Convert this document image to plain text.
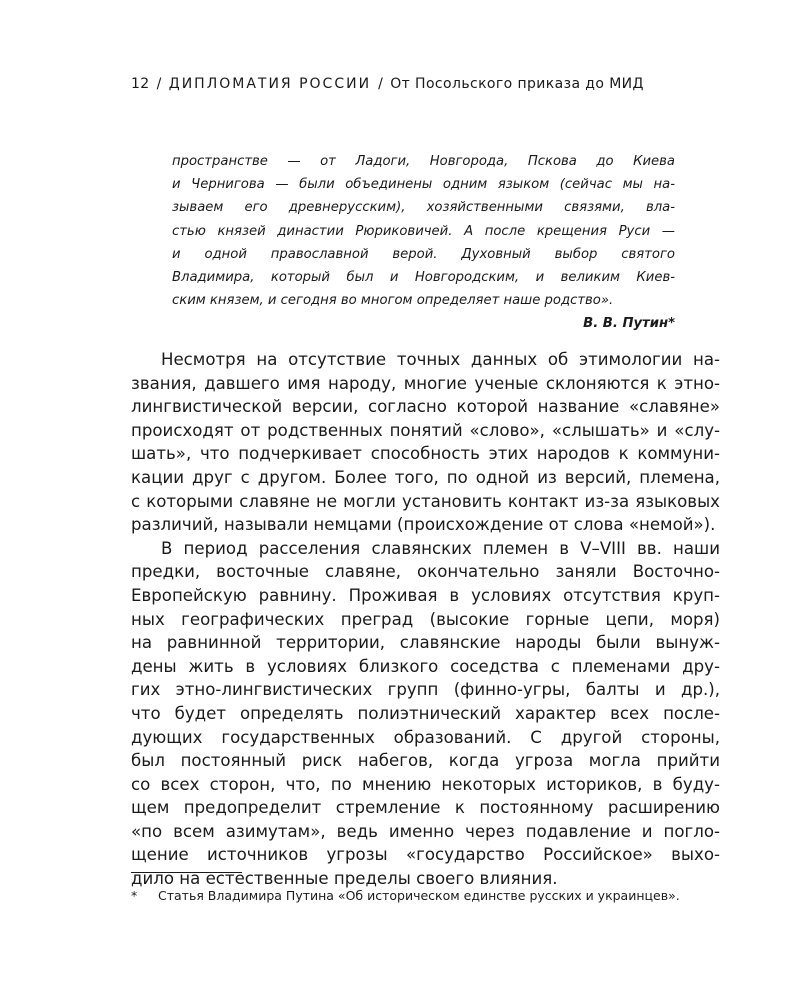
12 / ДИПЛОМАТИЯ РОССИИ / От Посольского приказа до МИД
пространстве — от Ладоги, Новгорода, Пскова до Киева
и Чернигова — были объединены одним языком (сейчас мы на-
зываем его древнерусским), хозяйственными связями, вла-
стью князей династии Рюриковичей. А после крещения Руси —
и одной православной верой. Духовный выбор святого
Владимира, который был и Новгородским, и великим Киев-
ским князем, и сегодня во многом определяет наше родство».
В. В. Путин*
Несмотря на отсутствие точных данных об этимологии на-
звания, давшего имя народу, многие ученые склоняются к этно-
лингвистической версии, согласно которой название «славяне»
происходят от родственных понятий «слово», «слышать» и «слу-
шать», что подчеркивает способность этих народов к коммуни-
кации друг с другом. Более того, по одной из версий, племена,
с которыми славяне не могли установить контакт из-за языковых
различий, называли немцами (происхождение от слова «немой»).
В период расселения славянских племен в V–VIII вв. наши
предки, восточные славяне, окончательно заняли Восточно-
Европейскую равнину. Проживая в условиях отсутствия круп-
ных географических преград (высокие горные цепи, моря)
на равнинной территории, славянские народы были вынуж-
дены жить в условиях близкого соседства с племенами дру-
гих этно-лингвистических групп (финно-угры, балты и др.),
что будет определять полиэтнический характер всех после-
дующих государственных образований. С другой стороны,
был постоянный риск набегов, когда угроза могла прийти
со всех сторон, что, по мнению некоторых историков, в буду-
щем предопределит стремление к постоянному расширению
«по всем азимутам», ведь именно через подавление и погло-
щение источников угрозы «государство Российское» выхо-
дило на естественные пределы своего влияния.
* Статья Владимира Путина «Об историческом единстве русских и украинцев».
